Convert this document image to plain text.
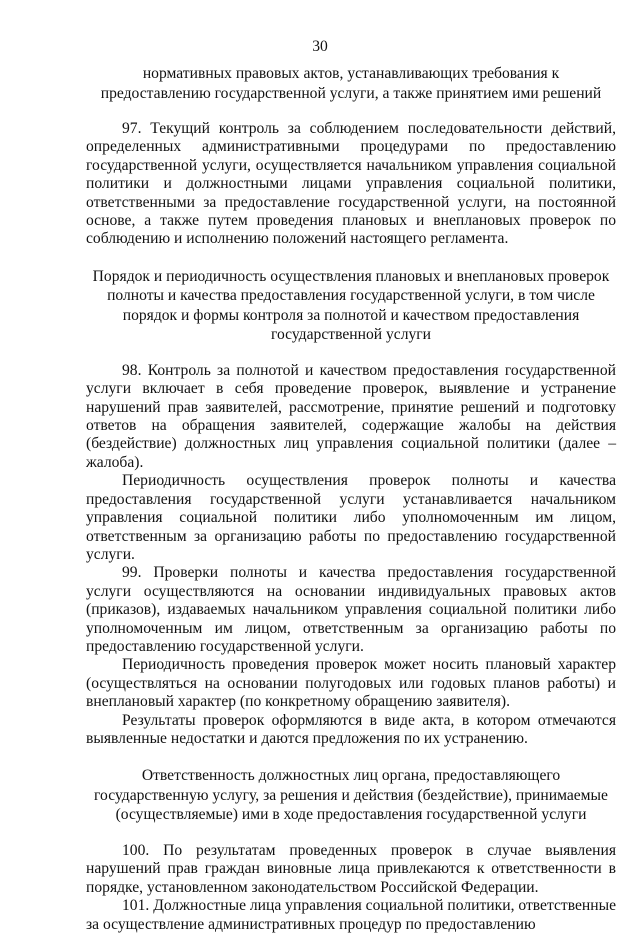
30

нормативных правовых актов, устанавливающих требования к предоставлению государственной услуги, а также принятием ими решений

97. Текущий контроль за соблюдением последовательности действий, определенных административными процедурами по предоставлению государственной услуги, осуществляется начальником управления социальной политики и должностными лицами управления социальной политики, ответственными за предоставление государственной услуги, на постоянной основе, а также путем проведения плановых и внеплановых проверок по соблюдению и исполнению положений настоящего регламента.

Порядок и периодичность осуществления плановых и внеплановых проверок полноты и качества предоставления государственной услуги, в том числе порядок и формы контроля за полнотой и качеством предоставления государственной услуги

98. Контроль за полнотой и качеством предоставления государственной услуги включает в себя проведение проверок, выявление и устранение нарушений прав заявителей, рассмотрение, принятие решений и подготовку ответов на обращения заявителей, содержащие жалобы на действия (бездействие) должностных лиц управления социальной политики (далее – жалоба).

Периодичность осуществления проверок полноты и качества предоставления государственной услуги устанавливается начальником управления социальной политики либо уполномоченным им лицом, ответственным за организацию работы по предоставлению государственной услуги.

99. Проверки полноты и качества предоставления государственной услуги осуществляются на основании индивидуальных правовых актов (приказов), издаваемых начальником управления социальной политики либо уполномоченным им лицом, ответственным за организацию работы по предоставлению государственной услуги.

Периодичность проведения проверок может носить плановый характер (осуществляться на основании полугодовых или годовых планов работы) и внеплановый характер (по конкретному обращению заявителя).

Результаты проверок оформляются в виде акта, в котором отмечаются выявленные недостатки и даются предложения по их устранению.

Ответственность должностных лиц органа, предоставляющего государственную услугу, за решения и действия (бездействие), принимаемые (осуществляемые) ими в ходе предоставления государственной услуги

100. По результатам проведенных проверок в случае выявления нарушений прав граждан виновные лица привлекаются к ответственности в порядке, установленном законодательством Российской Федерации.

101. Должностные лица управления социальной политики, ответственные за осуществление административных процедур по предоставлению
